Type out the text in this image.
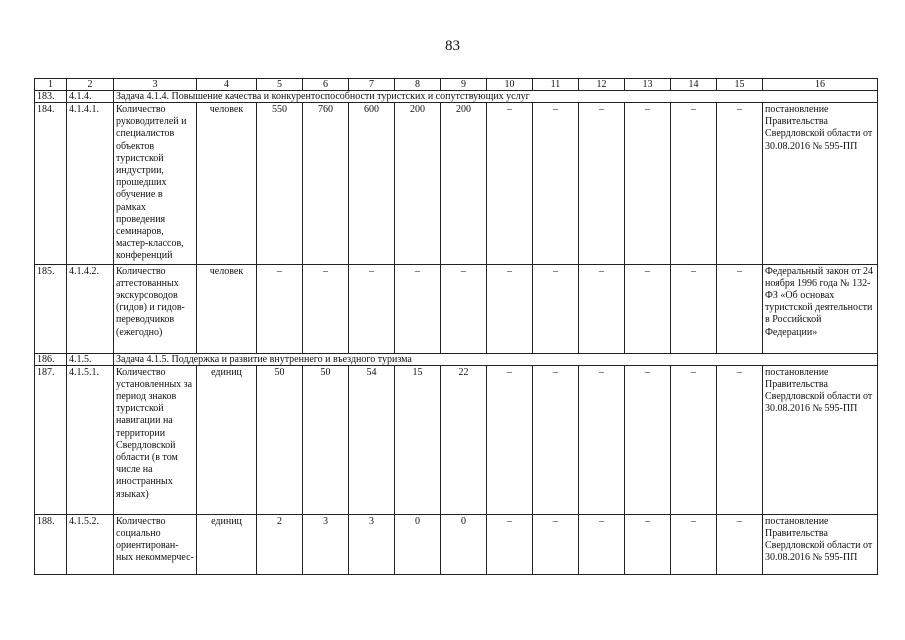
83
1	2	3	4	5	6	7	8	9	10	11	12	13	14	15	16
183.	4.1.4.	Задача 4.1.4. Повышение качества и конкурентоспособности туристских и сопутствующих услуг													
184.	4.1.4.1.	Количество руководителей и специалистов объектов туристской индустрии, прошедших обучение в рамках проведения семинаров, мастер-классов, конференций	человек	550	760	600	200	200	–	–	–	–	–	–	постановление Правительства Свердловской области от 30.08.2016 № 595-ПП
185.	4.1.4.2.	Количество аттестованных экскурсоводов (гидов) и гидов-переводчиков (ежегодно)	человек	–	–	–	–	–	–	–	–	–	–	–	Федеральный закон от 24 ноября 1996 года № 132-ФЗ «Об основах туристской деятельности в Российской Федерации»
186.	4.1.5.	Задача 4.1.5. Поддержка и развитие внутреннего и въездного туризма													
187.	4.1.5.1.	Количество установленных за период знаков туристской навигации на территории Свердловской области (в том числе на иностранных языках)	единиц	50	50	54	15	22	–	–	–	–	–	–	постановление Правительства Свердловской области от 30.08.2016 № 595-ПП
188.	4.1.5.2.	Количество социально ориентирован-ных некоммерчес-	единиц	2	3	3	0	0	–	–	–	–	–	–	постановление Правительства Свердловской области от 30.08.2016 № 595-ПП
